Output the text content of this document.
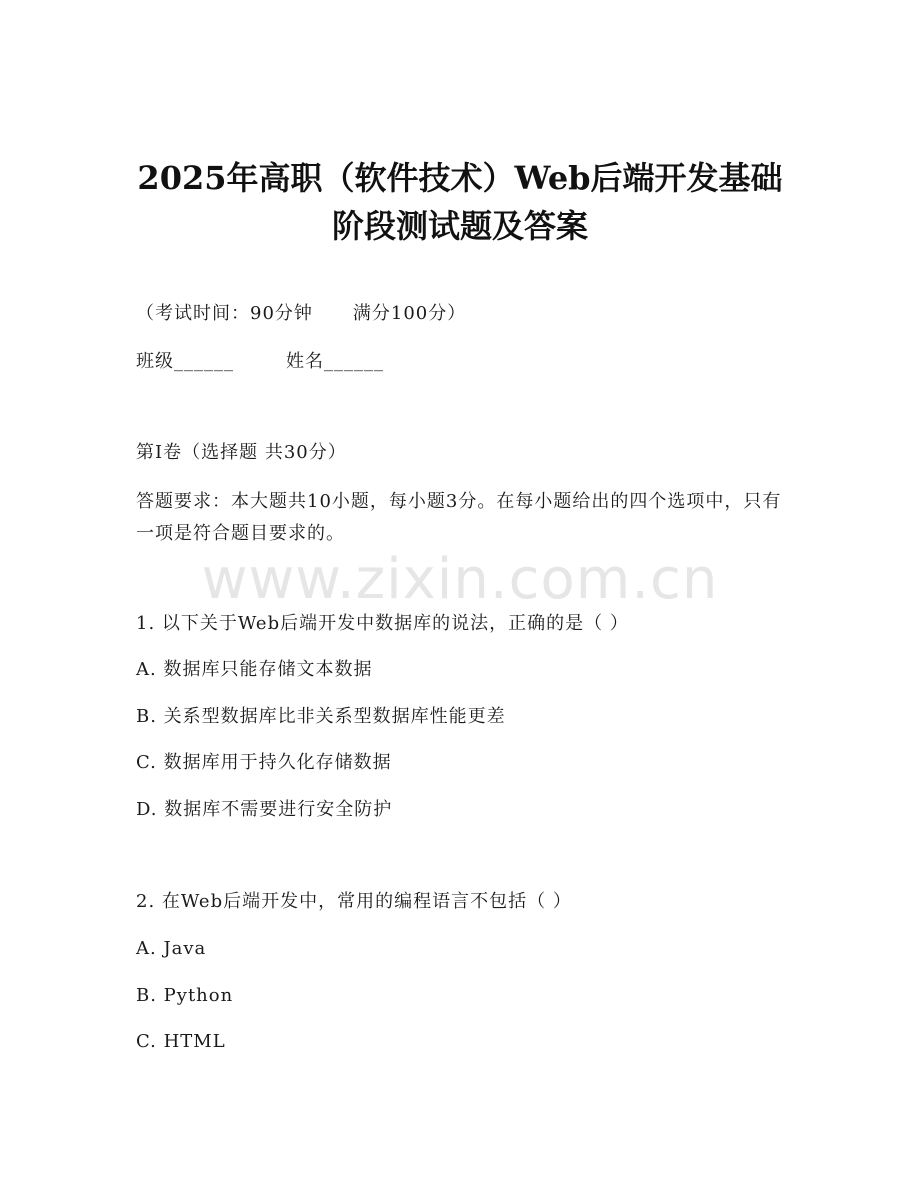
2025年高职（软件技术）Web后端开发基础
阶段测试题及答案
（考试时间：90分钟 满分100分）
班级______	姓名______
第I卷（选择题 共30分）
答题要求：本大题共10小题，每小题3分。在每小题给出的四个选项中，只有一项是符合题目要求的。
www.zixin.com.cn
1. 以下关于Web后端开发中数据库的说法，正确的是（ ）
A. 数据库只能存储文本数据
B. 关系型数据库比非关系型数据库性能更差
C. 数据库用于持久化存储数据
D. 数据库不需要进行安全防护
2. 在Web后端开发中，常用的编程语言不包括（ ）
A. Java
B. Python
C. HTML
